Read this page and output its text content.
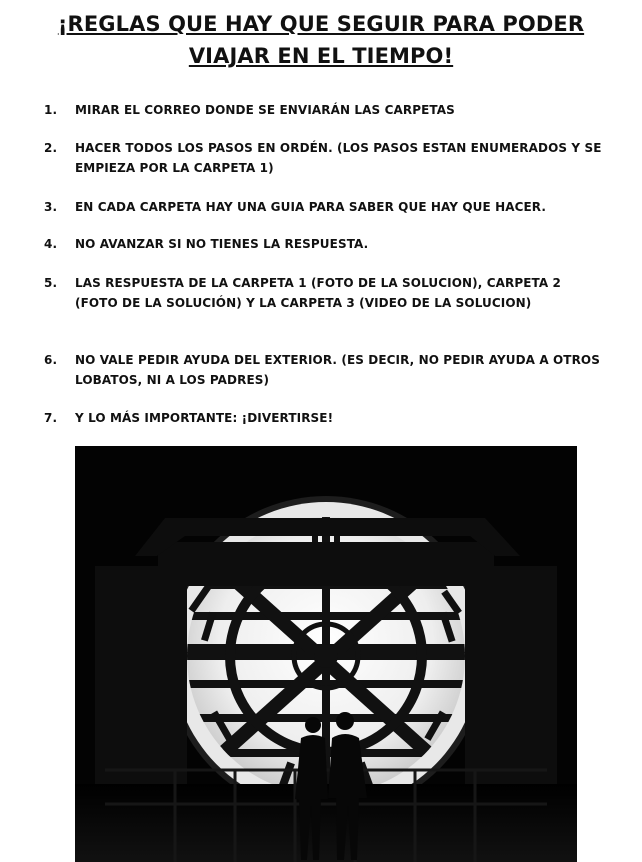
¡REGLAS QUE HAY QUE SEGUIR PARA PODER VIAJAR EN EL TIEMPO!
1.	MIRAR EL CORREO DONDE SE ENVIARÁN LAS CARPETAS
2.	HACER TODOS LOS PASOS EN ORDÉN. (LOS PASOS ESTAN ENUMERADOS Y SE EMPIEZA POR LA CARPETA 1)
3.	EN CADA CARPETA HAY UNA GUIA PARA SABER QUE HAY QUE HACER.
4.	NO AVANZAR SI NO TIENES LA RESPUESTA.
5.	LAS RESPUESTA DE LA CARPETA 1 (FOTO DE LA SOLUCION), CARPETA 2 (FOTO DE LA SOLUCIÓN) Y LA CARPETA 3 (VIDEO DE LA SOLUCION)
6.	NO VALE PEDIR AYUDA DEL EXTERIOR. (ES DECIR, NO PEDIR AYUDA A OTROS LOBATOS, NI A LOS PADRES)
7.	Y LO MÁS IMPORTANTE: ¡DIVERTIRSE!
